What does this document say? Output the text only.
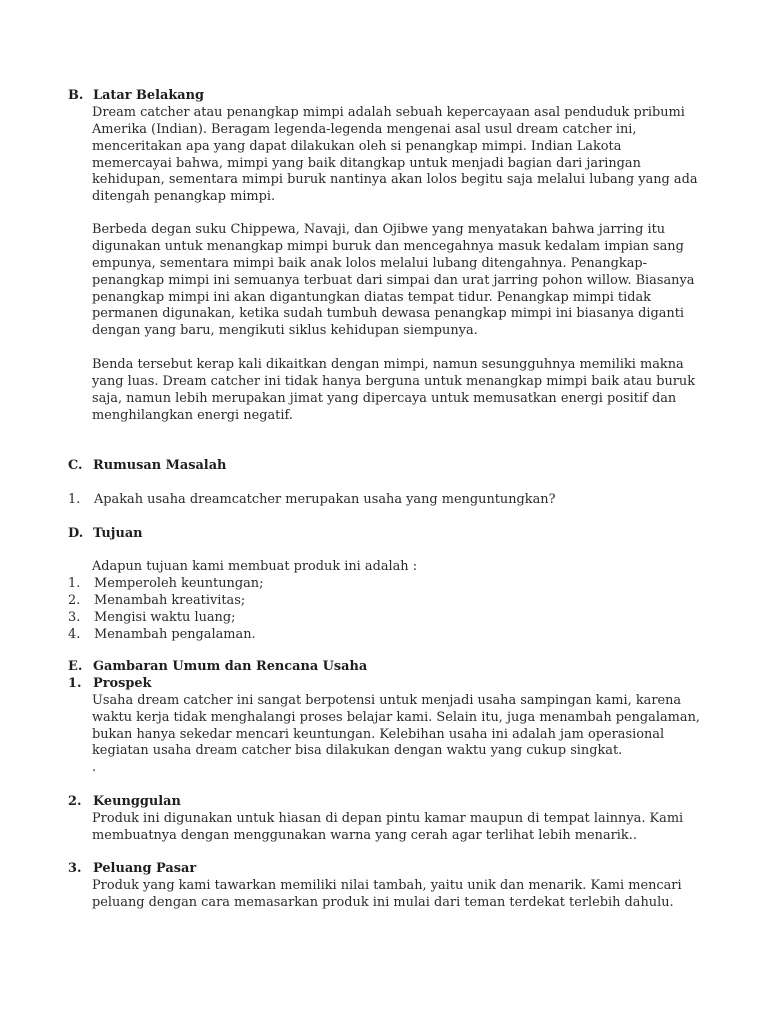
B. Latar Belakang
Dream catcher atau penangkap mimpi adalah sebuah kepercayaan asal penduduk pribumi
Amerika (Indian). Beragam legenda-legenda mengenai asal usul dream catcher ini,
menceritakan apa yang dapat dilakukan oleh si penangkap mimpi. Indian Lakota
memercayai bahwa, mimpi yang baik ditangkap untuk menjadi bagian dari jaringan
kehidupan, sementara mimpi buruk nantinya akan lolos begitu saja melalui lubang yang ada
ditengah penangkap mimpi.
Berbeda degan suku Chippewa, Navaji, dan Ojibwe yang menyatakan bahwa jarring itu
digunakan untuk menangkap mimpi buruk dan mencegahnya masuk kedalam impian sang
empunya, sementara mimpi baik anak lolos melalui lubang ditengahnya. Penangkap-
penangkap mimpi ini semuanya terbuat dari simpai dan urat jarring pohon willow. Biasanya
penangkap mimpi ini akan digantungkan diatas tempat tidur. Penangkap mimpi tidak
permanen digunakan, ketika sudah tumbuh dewasa penangkap mimpi ini biasanya diganti
dengan yang baru, mengikuti siklus kehidupan siempunya.
Benda tersebut kerap kali dikaitkan dengan mimpi, namun sesungguhnya memiliki makna
yang luas. Dream catcher ini tidak hanya berguna untuk menangkap mimpi baik atau buruk
saja, namun lebih merupakan jimat yang dipercaya untuk memusatkan energi positif dan
menghilangkan energi negatif.
C. Rumusan Masalah
1. Apakah usaha dreamcatcher merupakan usaha yang menguntungkan?
D. Tujuan
Adapun tujuan kami membuat produk ini adalah :
1. Memperoleh keuntungan;
2. Menambah kreativitas;
3. Mengisi waktu luang;
4. Menambah pengalaman.
E. Gambaran Umum dan Rencana Usaha
1. Prospek
Usaha dream catcher ini sangat berpotensi untuk menjadi usaha sampingan kami, karena
waktu kerja tidak menghalangi proses belajar kami. Selain itu, juga menambah pengalaman,
bukan hanya sekedar mencari keuntungan. Kelebihan usaha ini adalah jam operasional
kegiatan usaha dream catcher bisa dilakukan dengan waktu yang cukup singkat.
.
2. Keunggulan
Produk ini digunakan untuk hiasan di depan pintu kamar maupun di tempat lainnya. Kami
membuatnya dengan menggunakan warna yang cerah agar terlihat lebih menarik..
3. Peluang Pasar
Produk yang kami tawarkan memiliki nilai tambah, yaitu unik dan menarik. Kami mencari
peluang dengan cara memasarkan produk ini mulai dari teman terdekat terlebih dahulu.
